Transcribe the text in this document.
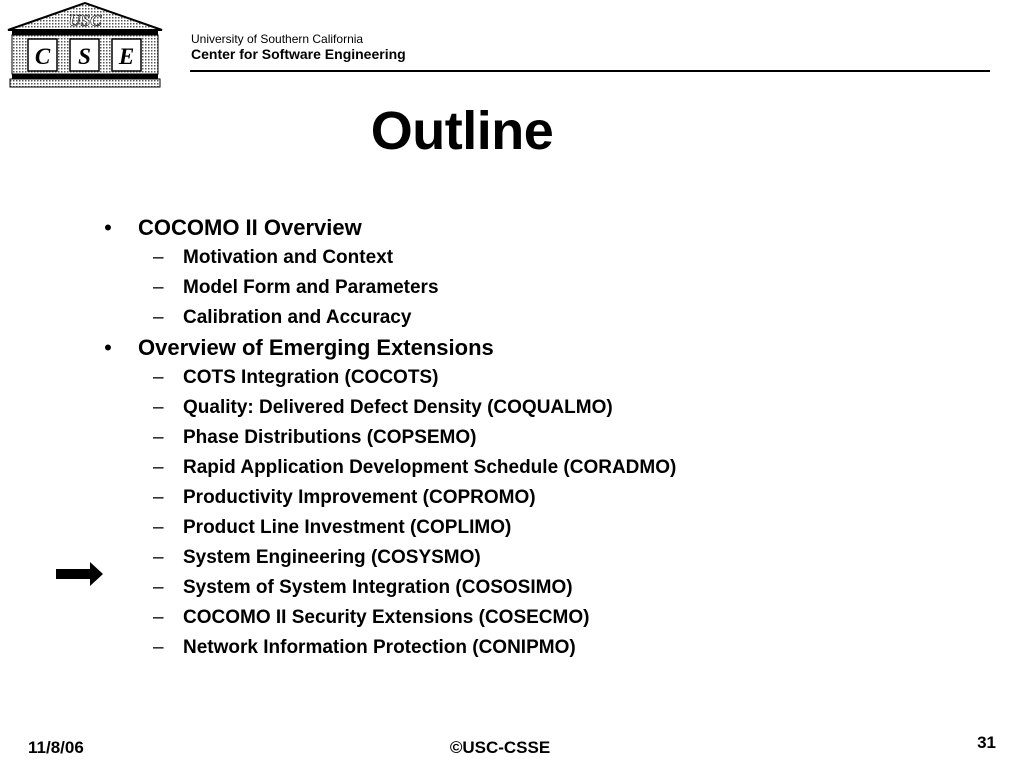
USC
C S E
University of Southern California
Center for Software Engineering
Outline
• COCOMO II Overview
– Motivation and Context
– Model Form and Parameters
– Calibration and Accuracy
• Overview of Emerging Extensions
– COTS Integration (COCOTS)
– Quality: Delivered Defect Density (COQUALMO)
– Phase Distributions (COPSEMO)
– Rapid Application Development Schedule (CORADMO)
– Productivity Improvement (COPROMO)
– Product Line Investment (COPLIMO)
– System Engineering (COSYSMO)
– System of System Integration (COSOSIMO)
– COCOMO II Security Extensions (COSECMO)
– Network Information Protection (CONIPMO)
11/8/06	©USC-CSSE	31
